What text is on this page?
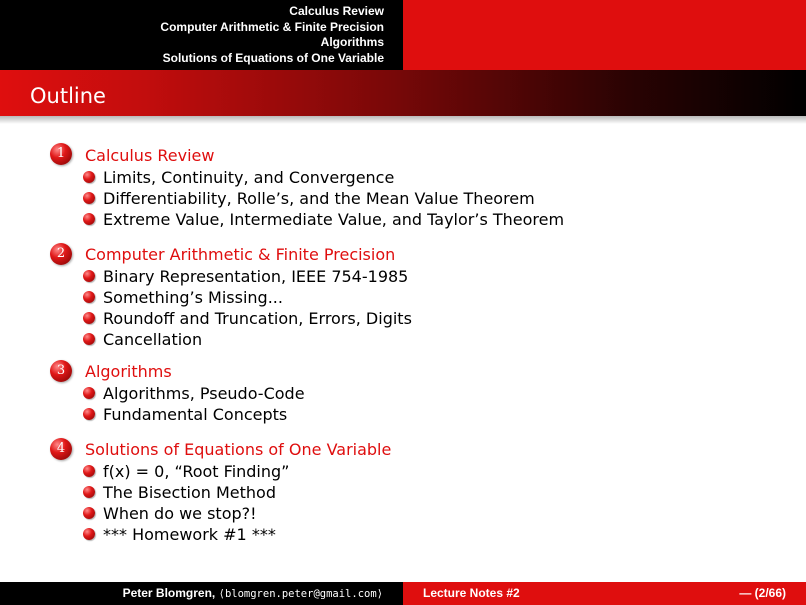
Calculus Review
Computer Arithmetic & Finite Precision
Algorithms
Solutions of Equations of One Variable
Outline
1	Calculus Review
Limits, Continuity, and Convergence
Differentiability, Rolle’s, and the Mean Value Theorem
Extreme Value, Intermediate Value, and Taylor’s Theorem
2	Computer Arithmetic & Finite Precision
Binary Representation, IEEE 754-1985
Something’s Missing...
Roundoff and Truncation, Errors, Digits
Cancellation
3	Algorithms
Algorithms, Pseudo-Code
Fundamental Concepts
4	Solutions of Equations of One Variable
f(x) = 0, “Root Finding”
The Bisection Method
When do we stop?!
*** Homework #1 ***
Peter Blomgren, ⟨blomgren.peter@gmail.com⟩	Lecture Notes #2	— (2/66)
